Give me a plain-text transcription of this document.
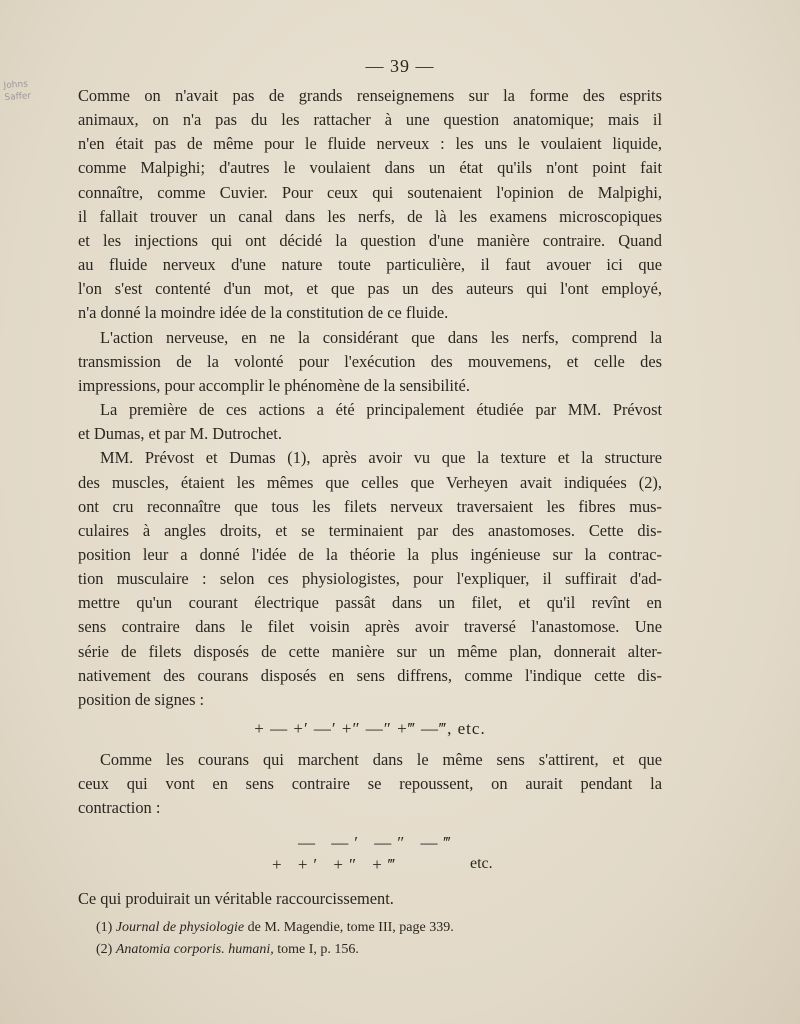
— 39 —
Johns
Saffer	Comme on n'avait pas de grands renseignemens sur la forme des esprits
animaux, on n'a pas du les rattacher à une question anatomique; mais il
n'en était pas de même pour le fluide nerveux : les uns le voulaient liquide,
comme Malpighi; d'autres le voulaient dans un état qu'ils n'ont point fait
connaître, comme Cuvier. Pour ceux qui soutenaient l'opinion de Malpighi,
il fallait trouver un canal dans les nerfs, de là les examens microscopiques
et les injections qui ont décidé la question d'une manière contraire. Quand
au fluide nerveux d'une nature toute particulière, il faut avouer ici que
l'on s'est contenté d'un mot, et que pas un des auteurs qui l'ont employé,
n'a donné la moindre idée de la constitution de ce fluide.
L'action nerveuse, en ne la considérant que dans les nerfs, comprend la
transmission de la volonté pour l'exécution des mouvemens, et celle des
impressions, pour accomplir le phénomène de la sensibilité.
La première de ces actions a été principalement étudiée par MM. Prévost
et Dumas, et par M. Dutrochet.
MM. Prévost et Dumas (1), après avoir vu que la texture et la structure
des muscles, étaient les mêmes que celles que Verheyen avait indiquées (2),
ont cru reconnaître que tous les filets nerveux traversaient les fibres mus-
culaires à angles droits, et se terminaient par des anastomoses. Cette dis-
position leur a donné l'idée de la théorie la plus ingénieuse sur la contrac-
tion musculaire : selon ces physiologistes, pour l'expliquer, il suffirait d'ad-
mettre qu'un courant électrique passât dans un filet, et qu'il revînt en
sens contraire dans le filet voisin après avoir traversé l'anastomose. Une
série de filets disposés de cette manière sur un même plan, donnerait alter-
nativement des courans disposés en sens diffrens, comme l'indique cette dis-
position de signes :
+ — +′ —′ +″ —″ +‴ —‴, etc.
Comme les courans qui marchent dans le même sens s'attirent, et que
ceux qui vont en sens contraire se repoussent, on aurait pendant la
contraction :
— —′ —″ —‴
+ +′ +″ +‴	etc.
Ce qui produirait un véritable raccourcissement.
(1) Journal de physiologie de M. Magendie, tome III, page 339.
(2) Anatomia corporis. humani, tome I, p. 156.
